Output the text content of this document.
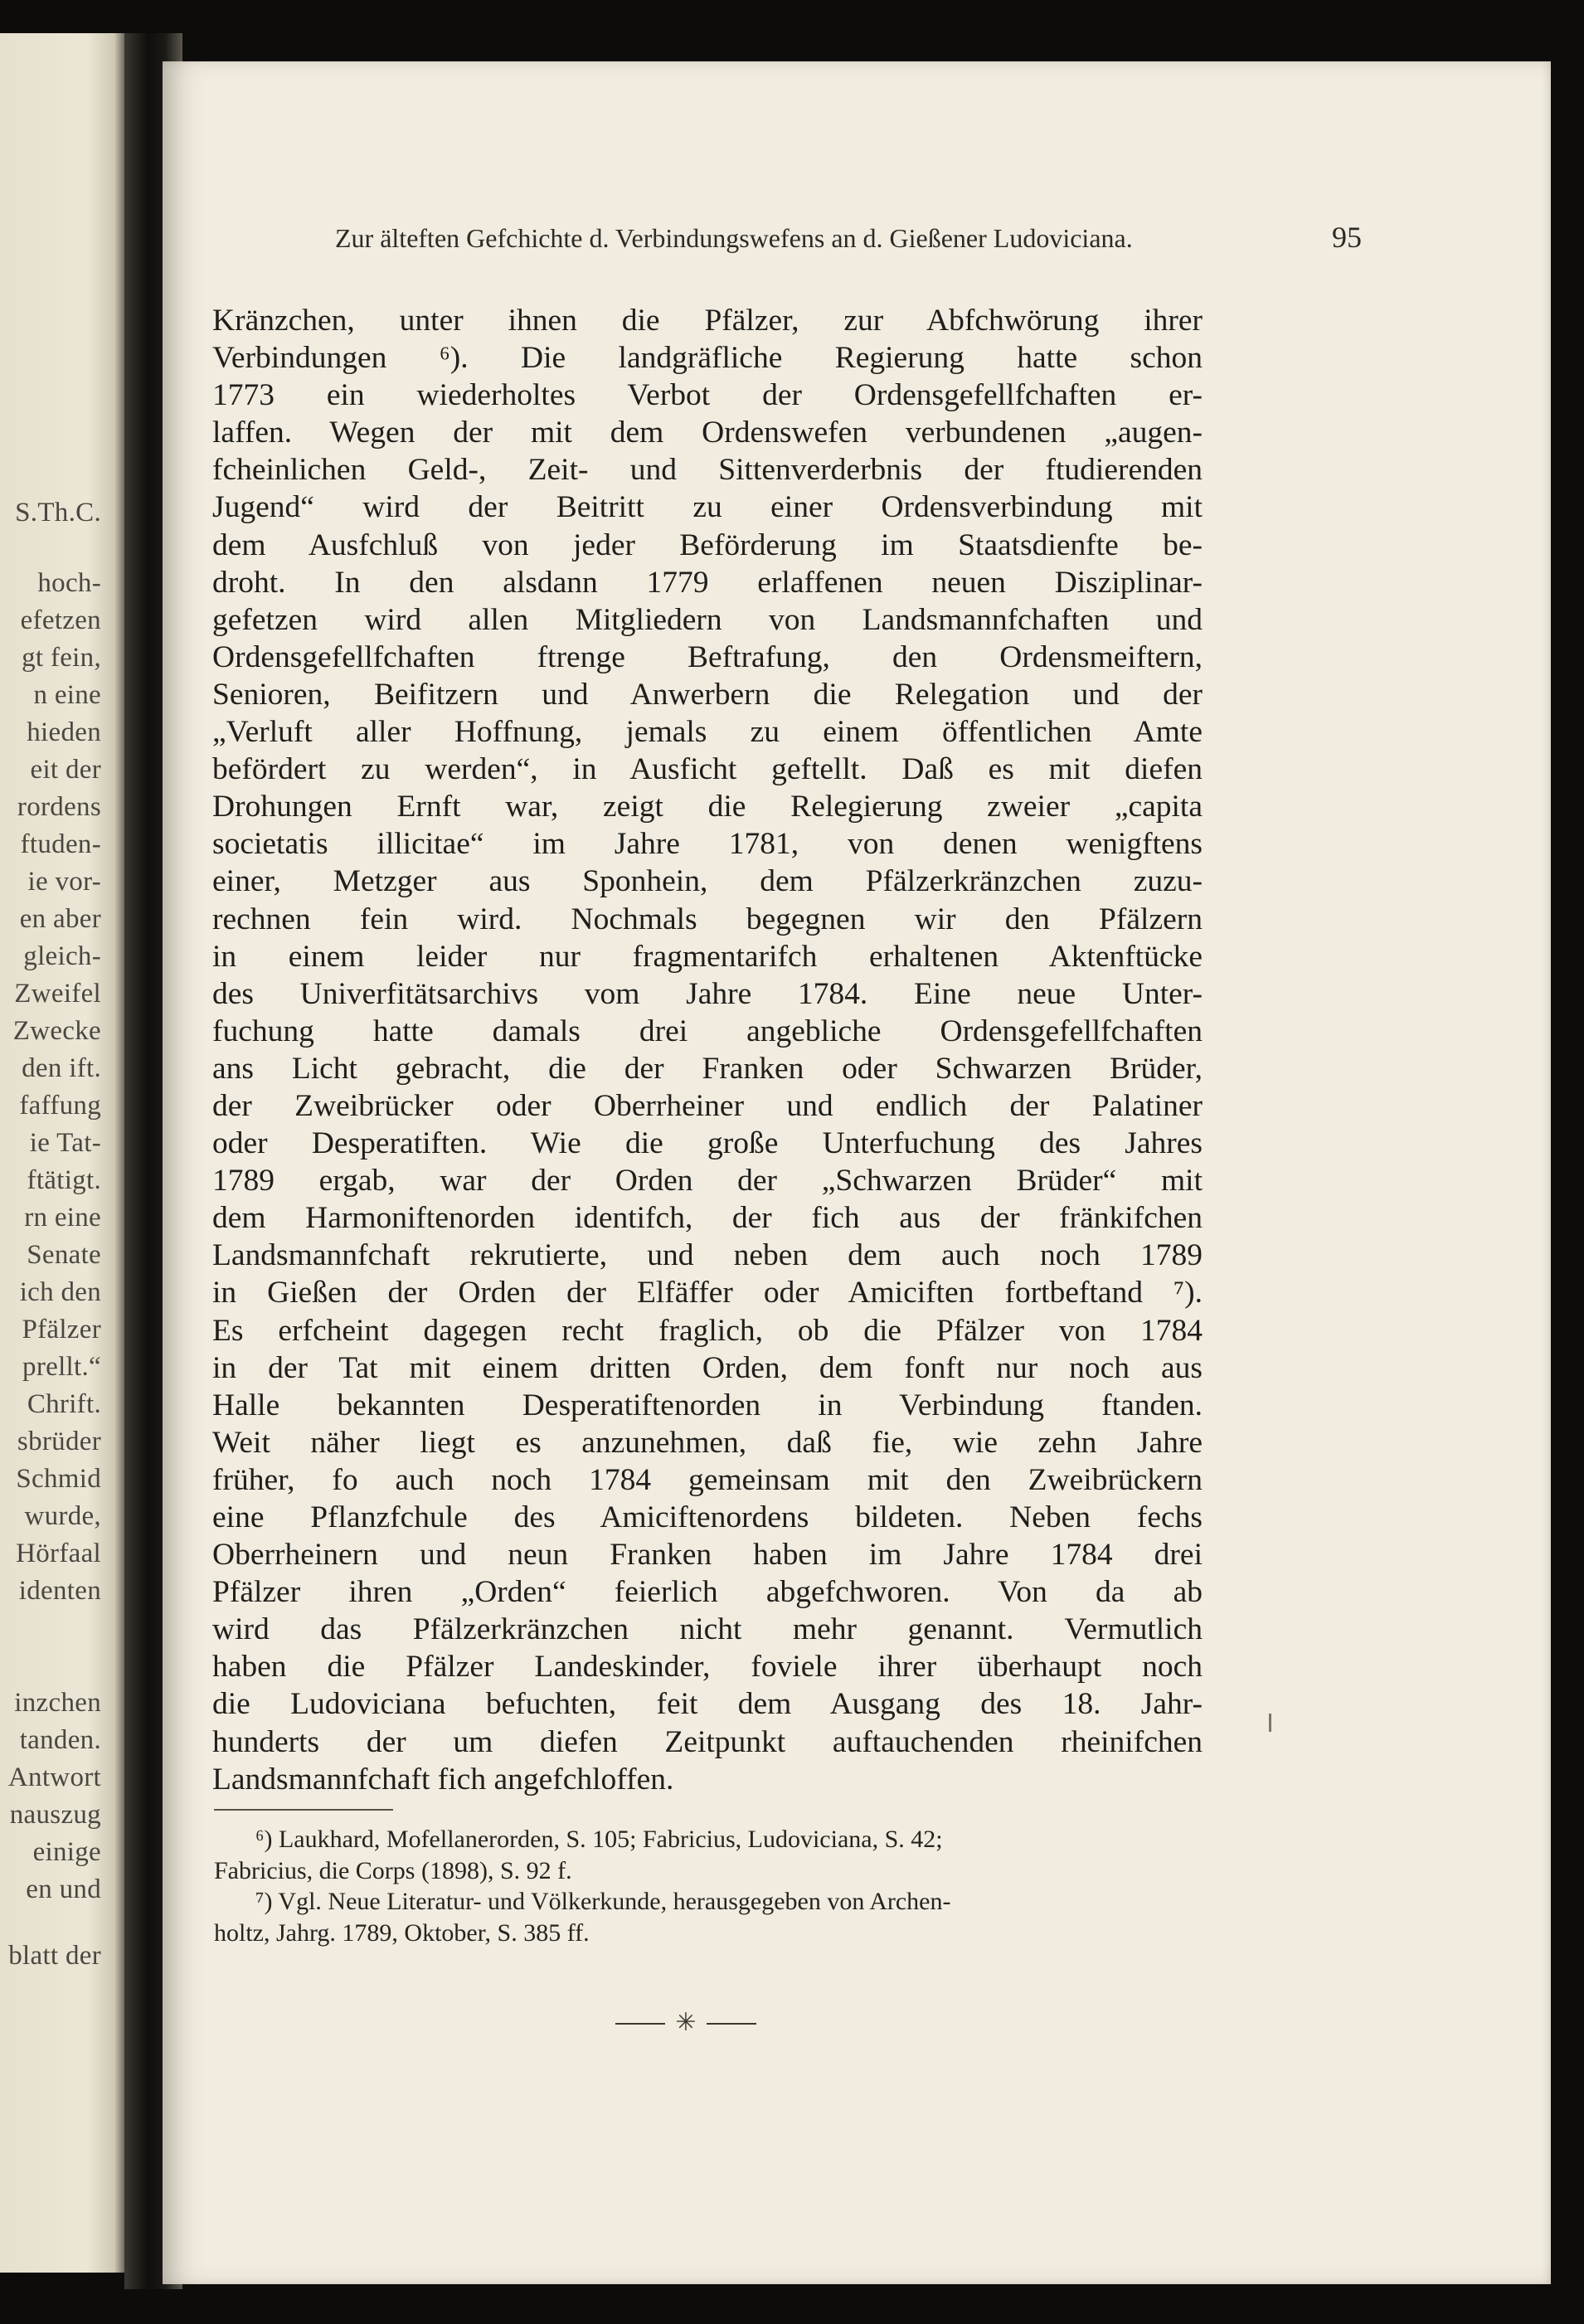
S.Th.C.

hoch-

efetzen

gt fein,

n eine

hieden

eit der

rordens

ftuden-

ie vor-

en aber

gleich-

Zweifel

Zwecke

den ift.

faffung

ie Tat-

ftätigt.

rn eine

Senate

ich den

Pfälzer

prellt.“

Chrift.

sbrüder

Schmid

wurde,

Hörfaal

identen

inzchen

tanden.

Antwort

nauszug

einige

en und

blatt der

Zur älteften Gefchichte d. Verbindungswefens an d. Gießener Ludoviciana.	95

Kränzchen, unter ihnen die Pfälzer, zur Abfchwörung ihrer

Verbindungen ⁶). Die landgräfliche Regierung hatte schon

1773 ein wiederholtes Verbot der Ordensgefellfchaften er-

laffen. Wegen der mit dem Ordenswefen verbundenen „augen-

fcheinlichen Geld-, Zeit- und Sittenverderbnis der ftudierenden

Jugend“ wird der Beitritt zu einer Ordensverbindung mit

dem Ausfchluß von jeder Beförderung im Staatsdienfte be-

droht. In den alsdann 1779 erlaffenen neuen Disziplinar-

gefetzen wird allen Mitgliedern von Landsmannfchaften und

Ordensgefellfchaften ftrenge Beftrafung, den Ordensmeiftern,

Senioren, Beifitzern und Anwerbern die Relegation und der

„Verluft aller Hoffnung, jemals zu einem öffentlichen Amte

befördert zu werden“, in Ausficht geftellt. Daß es mit diefen

Drohungen Ernft war, zeigt die Relegierung zweier „capita

societatis illicitae“ im Jahre 1781, von denen wenigftens

einer, Metzger aus Sponhein, dem Pfälzerkränzchen zuzu-

rechnen fein wird. Nochmals begegnen wir den Pfälzern

in einem leider nur fragmentarifch erhaltenen Aktenftücke

des Univerfitätsarchivs vom Jahre 1784. Eine neue Unter-

fuchung hatte damals drei angebliche Ordensgefellfchaften

ans Licht gebracht, die der Franken oder Schwarzen Brüder,

der Zweibrücker oder Oberrheiner und endlich der Palatiner

oder Desperatiften. Wie die große Unterfuchung des Jahres

1789 ergab, war der Orden der „Schwarzen Brüder“ mit

dem Harmoniftenorden identifch, der fich aus der fränkifchen

Landsmannfchaft rekrutierte, und neben dem auch noch 1789

in Gießen der Orden der Elfäffer oder Amiciften fortbeftand ⁷).

Es erfcheint dagegen recht fraglich, ob die Pfälzer von 1784

in der Tat mit einem dritten Orden, dem fonft nur noch aus

Halle bekannten Desperatiftenorden in Verbindung ftanden.

Weit näher liegt es anzunehmen, daß fie, wie zehn Jahre

früher, fo auch noch 1784 gemeinsam mit den Zweibrückern

eine Pflanzfchule des Amiciftenordens bildeten. Neben fechs

Oberrheinern und neun Franken haben im Jahre 1784 drei

Pfälzer ihren „Orden“ feierlich abgefchworen. Von da ab

wird das Pfälzerkränzchen nicht mehr genannt. Vermutlich

haben die Pfälzer Landeskinder, foviele ihrer überhaupt noch

die Ludoviciana befuchten, feit dem Ausgang des 18. Jahr-

hunderts der um diefen Zeitpunkt auftauchenden rheinifchen

Landsmannfchaft fich angefchloffen.

⁶) Laukhard, Mofellanerorden, S. 105; Fabricius, Ludoviciana, S. 42;

Fabricius, die Corps (1898), S. 92 f.

⁷) Vgl. Neue Literatur- und Völkerkunde, herausgegeben von Archen-

holtz, Jahrg. 1789, Oktober, S. 385 ff.

✳
